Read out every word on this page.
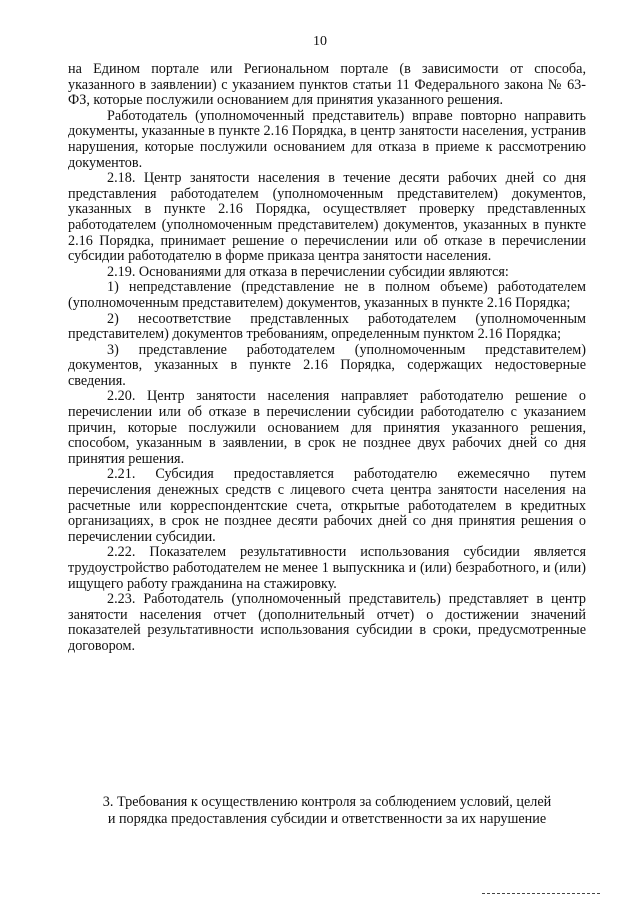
10

на Едином портале или Региональном портале (в зависимости от способа, указанного в заявлении) с указанием пунктов статьи 11 Федерального закона № 63-ФЗ, которые послужили основанием для принятия указанного решения.

Работодатель (уполномоченный представитель) вправе повторно направить документы, указанные в пункте 2.16 Порядка, в центр занятости населения, устранив нарушения, которые послужили основанием для отказа в приеме к рассмотрению документов.

2.18. Центр занятости населения в течение десяти рабочих дней со дня представления работодателем (уполномоченным представителем) документов, указанных в пункте 2.16 Порядка, осуществляет проверку представленных работодателем (уполномоченным представителем) документов, указанных в пункте 2.16 Порядка, принимает решение о перечислении или об отказе в перечислении субсидии работодателю в форме приказа центра занятости населения.

2.19. Основаниями для отказа в перечислении субсидии являются:

1) непредставление (представление не в полном объеме) работодателем (уполномоченным представителем) документов, указанных в пункте 2.16 Порядка;

2) несоответствие представленных работодателем (уполномоченным представителем) документов требованиям, определенным пунктом 2.16 Порядка;

3) представление работодателем (уполномоченным представителем) документов, указанных в пункте 2.16 Порядка, содержащих недостоверные сведения.

2.20. Центр занятости населения направляет работодателю решение о перечислении или об отказе в перечислении субсидии работодателю с указанием причин, которые послужили основанием для принятия указанного решения, способом, указанным в заявлении, в срок не позднее двух рабочих дней со дня принятия решения.

2.21. Субсидия предоставляется работодателю ежемесячно путем перечисления денежных средств с лицевого счета центра занятости населения на расчетные или корреспондентские счета, открытые работодателем в кредитных организациях, в срок не позднее десяти рабочих дней со дня принятия решения о перечислении субсидии.

2.22. Показателем результативности использования субсидии является трудоустройство работодателем не менее 1 выпускника и (или) безработного, и (или) ищущего работу гражданина на стажировку.

2.23. Работодатель (уполномоченный представитель) представляет в центр занятости населения отчет (дополнительный отчет) о достижении значений показателей результативности использования субсидии в сроки, предусмотренные договором.

3. Требования к осуществлению контроля за соблюдением условий, целей
и порядка предоставления субсидии и ответственности за их нарушение
